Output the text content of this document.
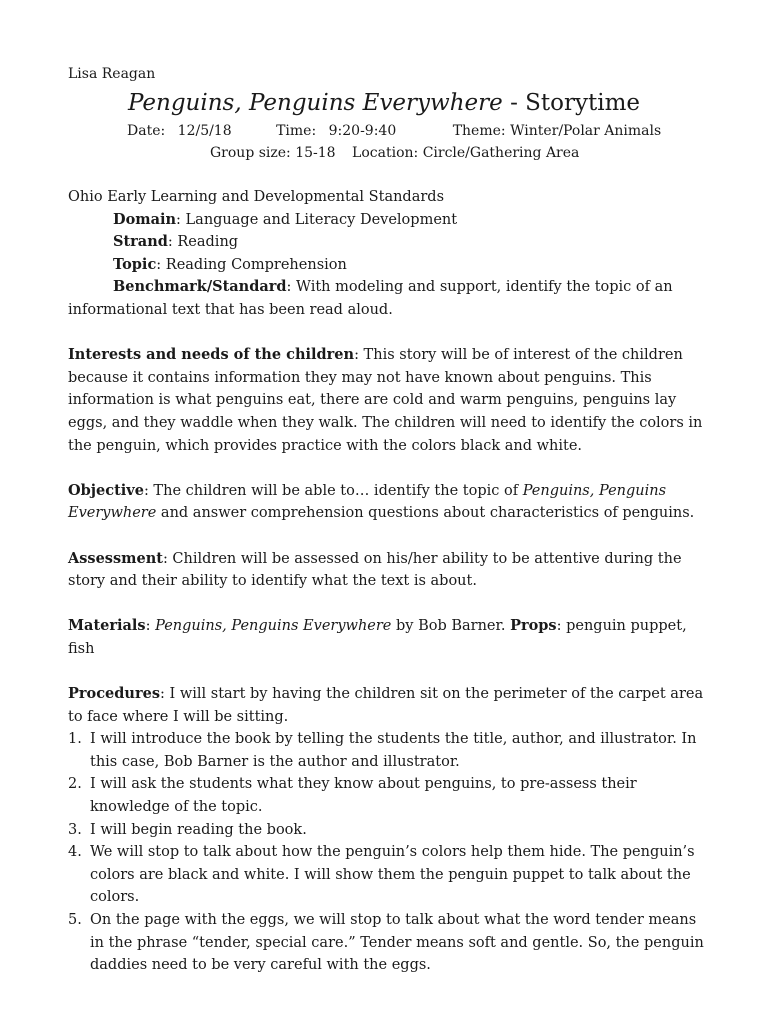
Lisa Reagan
Penguins, Penguins Everywhere - Storytime
Date: 12/5/18	Time: 9:20-9:40	Theme: Winter/Polar Animals
Group size: 15-18 Location: Circle/Gathering Area

Ohio Early Learning and Developmental Standards

Domain: Language and Literacy Development

Strand: Reading

Topic: Reading Comprehension

Benchmark/Standard: With modeling and support, identify the topic of an informational text that has been read aloud.

Interests and needs of the children: This story will be of interest of the children because it contains information they may not have known about penguins. This information is what penguins eat, there are cold and warm penguins, penguins lay eggs, and they waddle when they walk. The children will need to identify the colors in the penguin, which provides practice with the colors black and white.

Objective: The children will be able to… identify the topic of Penguins, Penguins Everywhere and answer comprehension questions about characteristics of penguins.

Assessment: Children will be assessed on his/her ability to be attentive during the story and their ability to identify what the text is about.

Materials: Penguins, Penguins Everywhere by Bob Barner. Props: penguin puppet, fish

Procedures: I will start by having the children sit on the perimeter of the carpet area to face where I will be sitting.

1. I will introduce the book by telling the students the title, author, and illustrator. In this case, Bob Barner is the author and illustrator.
2. I will ask the students what they know about penguins, to pre-assess their knowledge of the topic.
3. I will begin reading the book.
4. We will stop to talk about how the penguin’s colors help them hide. The penguin’s colors are black and white. I will show them the penguin puppet to talk about the colors.
5. On the page with the eggs, we will stop to talk about what the word tender means in the phrase “tender, special care.” Tender means soft and gentle. So, the penguin daddies need to be very careful with the eggs.
